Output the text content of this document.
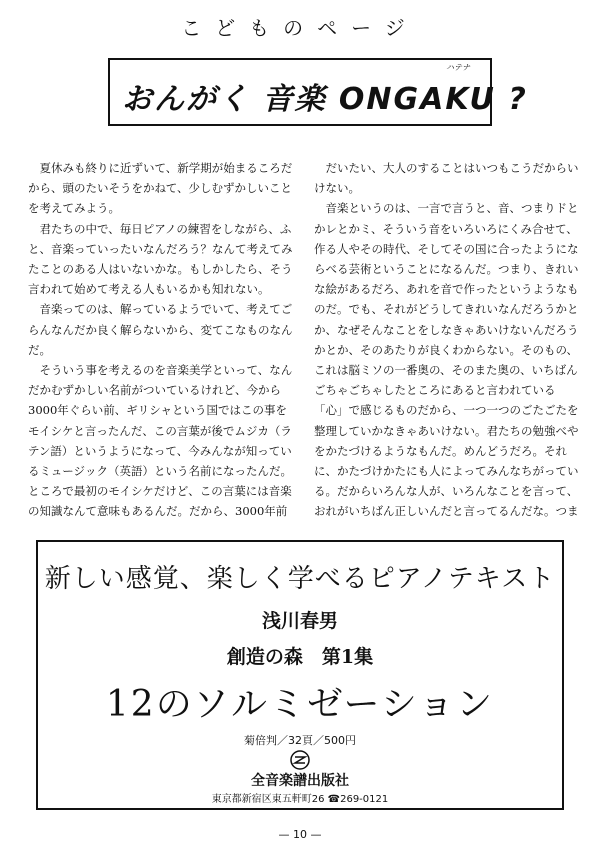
こどものページ
おんがく 音楽 ONGAKU ?
ハテナ

夏休みも終りに近ずいて、新学期が始まるころだから、頭のたいそうをかねて、少しむずかしいことを考えてみよう。

君たちの中で、毎日ピアノの練習をしながら、ふと、音楽っていったいなんだろう？なんて考えてみたことのある人はいないかな。もしかしたら、そう言われて始めて考える人もいるかも知れない。

音楽ってのは、解っているようでいて、考えてごらんなんだか良く解らないから、変てこなものなんだ。

そういう事を考えるのを音楽美学といって、なんだかむずかしい名前がついているけれど、今から3000年ぐらい前、ギリシャという国ではこの事をモイシケと言ったんだ、この言葉が後でムジカ（ラテン語）というようになって、今みんなが知っているミュージック（英語）という名前になったんだ。ところで最初のモイシケだけど、この言葉には音楽の知識なんて意味もあるんだ。だから、3000年前

だいたい、大人のすることはいつもこうだからいけない。

音楽というのは、一言で言うと、音、つまりドとかレとかミ、そういう音をいろいろにくみ合せて、作る人やその時代、そしてその国に合ったようにならべる芸術ということになるんだ。つまり、きれいな絵があるだろ、あれを音で作ったというようなものだ。でも、それがどうしてきれいなんだろうかとか、なぜそんなことをしなきゃあいけないんだろうかとか、そのあたりが良くわからない。そのもの、これは脳ミソの一番奥の、そのまた奥の、いちばんごちゃごちゃしたところにあると言われている「心」で感じるものだから、一つ一つのごたごたを整理していかなきゃあいけない。君たちの勉強べやをかたづけるようなもんだ。めんどうだろ。それに、かたづけかたにも人によってみんなちがっている。だからいろんな人が、いろんなことを言って、おれがいちばん正しいんだと言ってるんだな。つま

新しい感覚、楽しく学べるピアノテキスト
浅川春男
創造の森　第1集
12のソルミゼーション
菊倍判／32頁／500円
全音楽譜出版社
東京都新宿区東五軒町26 ☎269-0121
— 10 —
